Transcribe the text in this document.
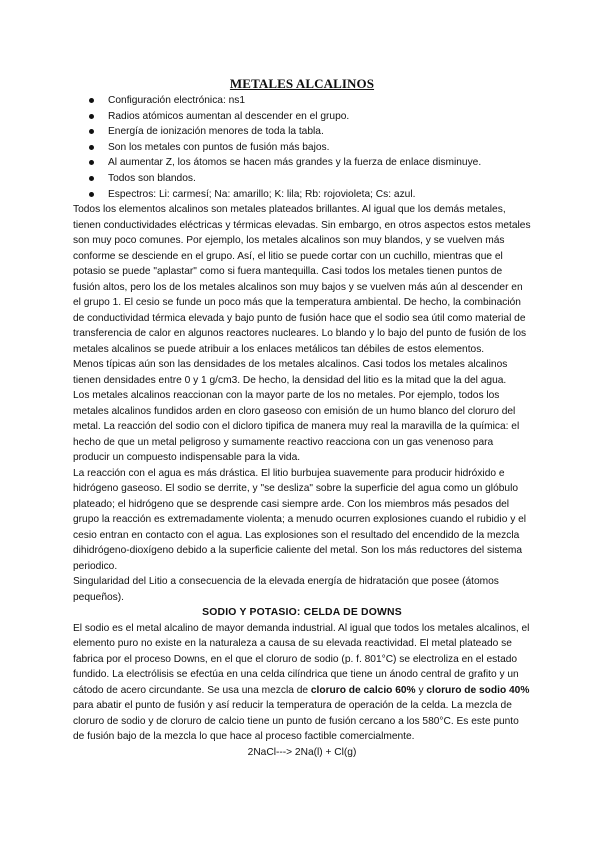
METALES ALCALINOS
Configuración electrónica: ns1
Radios atómicos aumentan al descender en el grupo.
Energía de ionización menores de toda la tabla.
Son los metales con puntos de fusión más bajos.
Al aumentar Z, los átomos se hacen más grandes y la fuerza de enlace disminuye.
Todos son blandos.
Espectros: Li: carmesí; Na: amarillo; K: lila; Rb: rojovioleta; Cs: azul.

Todos los elementos alcalinos son metales plateados brillantes. Al igual que los demás metales, tienen conductividades eléctricas y térmicas elevadas. Sin embargo, en otros aspectos estos metales son muy poco comunes. Por ejemplo, los metales alcalinos son muy blandos, y se vuelven más conforme se desciende en el grupo. Así, el litio se puede cortar con un cuchillo, mientras que el potasio se puede "aplastar" como si fuera mantequilla. Casi todos los metales tienen puntos de fusión altos, pero los de los metales alcalinos son muy bajos y se vuelven más aún al descender en el grupo 1. El cesio se funde un poco más que la temperatura ambiental. De hecho, la combinación de conductividad térmica elevada y bajo punto de fusión hace que el sodio sea útil como material de transferencia de calor en algunos reactores nucleares. Lo blando y lo bajo del punto de fusión de los metales alcalinos se puede atribuir a los enlaces metálicos tan débiles de estos elementos.

Menos típicas aún son las densidades de los metales alcalinos. Casi todos los metales alcalinos tienen densidades entre 0 y 1 g/cm3. De hecho, la densidad del litio es la mitad que la del agua.

Los metales alcalinos reaccionan con la mayor parte de los no metales. Por ejemplo, todos los metales alcalinos fundidos arden en cloro gaseoso con emisión de un humo blanco del cloruro del metal. La reacción del sodio con el dicloro tipifica de manera muy real la maravilla de la química: el hecho de que un metal peligroso y sumamente reactivo reacciona con un gas venenoso para producir un compuesto indispensable para la vida.

La reacción con el agua es más drástica. El litio burbujea suavemente para producir hidróxido e hidrógeno gaseoso. El sodio se derrite, y "se desliza" sobre la superficie del agua como un glóbulo plateado; el hidrógeno que se desprende casi siempre arde. Con los miembros más pesados del grupo la reacción es extremadamente violenta; a menudo ocurren explosiones cuando el rubidio y el cesio entran en contacto con el agua. Las explosiones son el resultado del encendido de la mezcla dihidrógeno-dioxígeno debido a la superficie caliente del metal. Son los más reductores del sistema periodico.

Singularidad del Litio a consecuencia de la elevada energía de hidratación que posee (átomos pequeños).

SODIO Y POTASIO: CELDA DE DOWNS

El sodio es el metal alcalino de mayor demanda industrial. Al igual que todos los metales alcalinos, el elemento puro no existe en la naturaleza a causa de su elevada reactividad. El metal plateado se fabrica por el proceso Downs, en el que el cloruro de sodio (p. f. 801°C) se electroliza en el estado fundido. La electrólisis se efectúa en una celda cilíndrica que tiene un ánodo central de grafito y un cátodo de acero circundante. Se usa una mezcla de cloruro de calcio 60% y cloruro de sodio 40% para abatir el punto de fusión y así reducir la temperatura de operación de la celda. La mezcla de cloruro de sodio y de cloruro de calcio tiene un punto de fusión cercano a los 580°C. Es este punto de fusión bajo de la mezcla lo que hace al proceso factible comercialmente.

2NaCl---> 2Na(l) + Cl(g)
